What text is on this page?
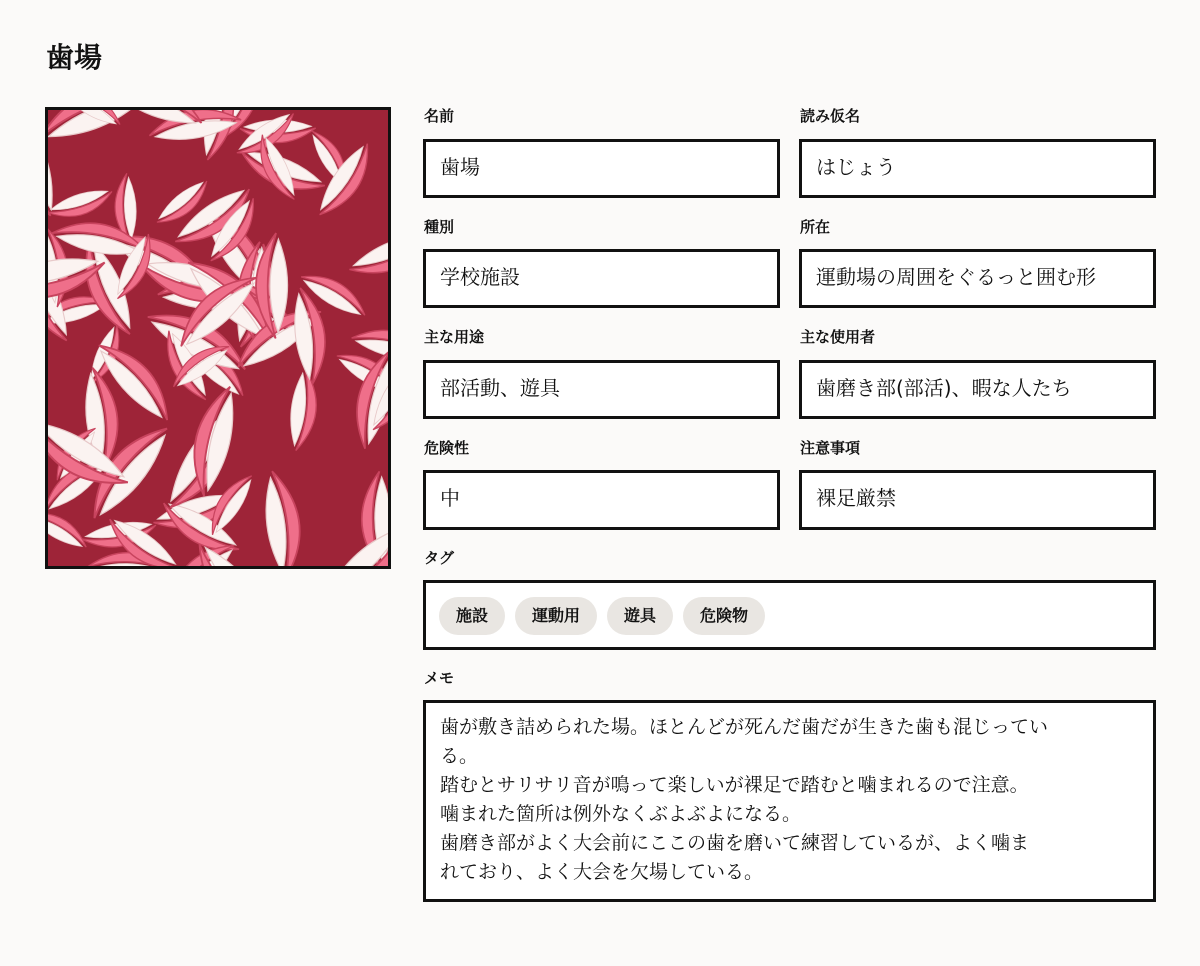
歯場
名前
歯場
読み仮名
はじょう
種別
学校施設
所在
運動場の周囲をぐるっと囲む形
主な用途
部活動、遊具
主な使用者
歯磨き部(部活)、暇な人たち
危険性
中
注意事項
裸足厳禁
タグ
施設	運動用	遊具	危険物
メモ
歯が敷き詰められた場。ほとんどが死んだ歯だが生きた歯も混じってい
る。
踏むとサリサリ音が鳴って楽しいが裸足で踏むと噛まれるので注意。
噛まれた箇所は例外なくぶよぶよになる。
歯磨き部がよく大会前にここの歯を磨いて練習しているが、よく噛ま
れており、よく大会を欠場している。
